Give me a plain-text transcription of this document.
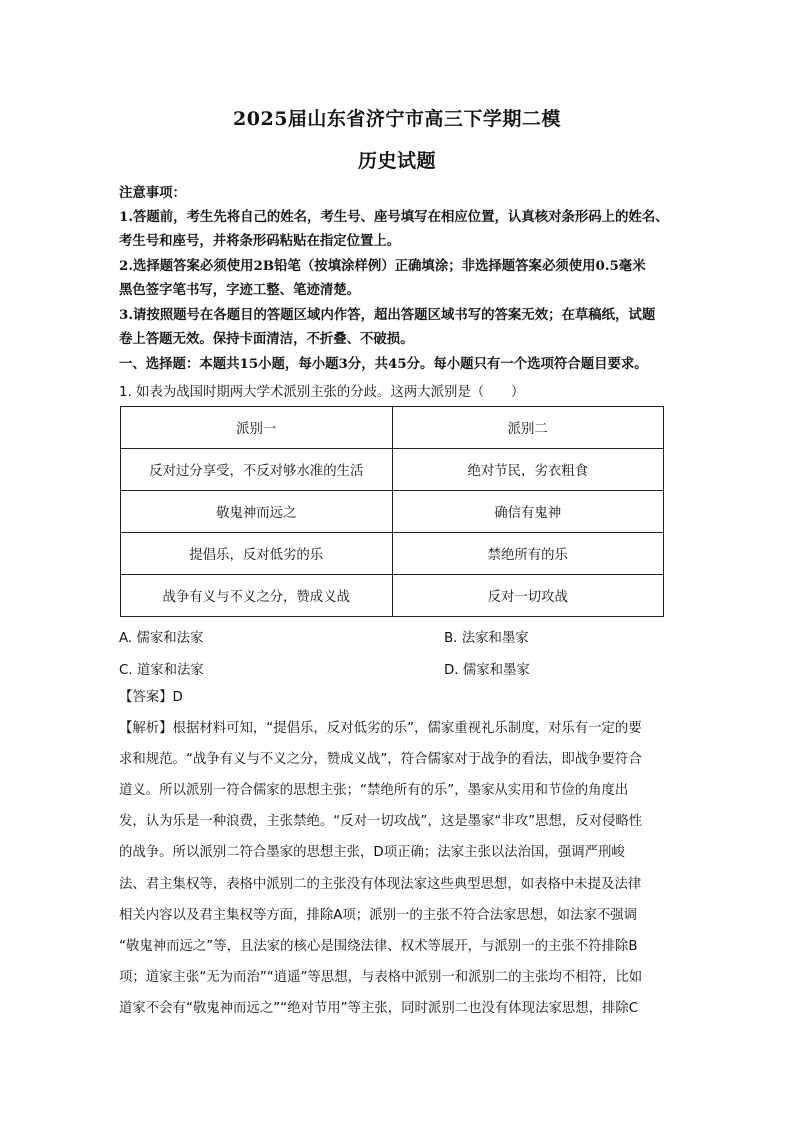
2025届山东省济宁市高三下学期二模
历史试题
注意事项：
1.答题前，考生先将自己的姓名，考生号、座号填写在相应位置，认真核对条形码上的姓名、
考生号和座号，并将条形码粘贴在指定位置上。
2.选择题答案必须使用2B铅笔（按填涂样例）正确填涂；非选择题答案必须使用0.5毫米
黑色签字笔书写，字迹工整、笔迹清楚。
3.请按照题号在各题目的答题区域内作答，超出答题区域书写的答案无效；在草稿纸，试题
卷上答题无效。保持卡面清洁，不折叠、不破损。
一、选择题：本题共15小题，每小题3分，共45分。每小题只有一个选项符合题目要求。
1. 如表为战国时期两大学术派别主张的分歧。这两大派别是（　　）
派别一	派别二
反对过分享受，不反对够水准的生活	绝对节民，劣衣粗食
敬鬼神而远之	确信有鬼神
提倡乐，反对低劣的乐	禁绝所有的乐
战争有义与不义之分，赞成义战	反对一切攻战
A. 儒家和法家	B. 法家和墨家
C. 道家和法家	D. 儒家和墨家
【答案】D
【解析】根据材料可知，“提倡乐，反对低劣的乐”，儒家重视礼乐制度，对乐有一定的要
求和规范。“战争有义与不义之分，赞成义战”，符合儒家对于战争的看法，即战争要符合
道义。所以派别一符合儒家的思想主张；“禁绝所有的乐”，墨家从实用和节俭的角度出
发，认为乐是一种浪费，主张禁绝。“反对一切攻战”，这是墨家“非攻”思想，反对侵略性
的战争。所以派别二符合墨家的思想主张，D项正确；法家主张以法治国，强调严刑峻
法、君主集权等，表格中派别二的主张没有体现法家这些典型思想，如表格中未提及法律
相关内容以及君主集权等方面，排除A项；派别一的主张不符合法家思想，如法家不强调
“敬鬼神而远之”等，且法家的核心是围绕法律、权术等展开，与派别一的主张不符排除B
项；道家主张“无为而治”“逍遥”等思想，与表格中派别一和派别二的主张均不相符，比如
道家不会有“敬鬼神而远之”“绝对节用”等主张，同时派别二也没有体现法家思想，排除C
